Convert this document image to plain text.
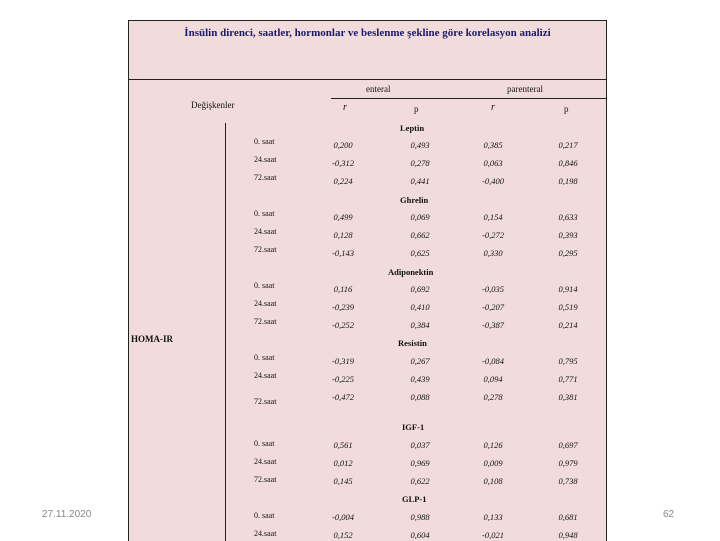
İnsülin direnci, saatler, hormonlar ve beslenme şekline göre korelasyon analizi
enteral	parenteral
Değişkenler	r	p	r	p
HOMA-IR
Leptin
0. saat	0,200	0,493	0,385	0,217
24.saat	-0,312	0,278	0,063	0,846
72.saat	0,224	0,441	-0,400	0,198
Ghrelin
0. saat	0,499	0,069	0,154	0,633
24.saat	0,128	0,662	-0,272	0,393
72.saat	-0,143	0,625	0,330	0,295
Adiponektin
0. saat	0,116	0,692	-0,035	0,914
24.saat	-0,239	0,410	-0,207	0,519
72.saat	-0,252	0,384	-0,387	0,214
Resistin
0. saat	-0,319	0,267	-0,084	0,795
24.saat	-0,225	0,439	0,094	0,771
72.saat	-0,472	0,088	0,278	0,381
IGF-1
0. saat	0,561	0,037	0,126	0,697
24.saat	0,012	0,969	0,009	0,979
72.saat	0,145	0,622	0,108	0,738
GLP-1
0. saat	-0,004	0,988	0,133	0,681
24.saat	0,152	0,604	-0,021	0,948
27.11.2020	62
